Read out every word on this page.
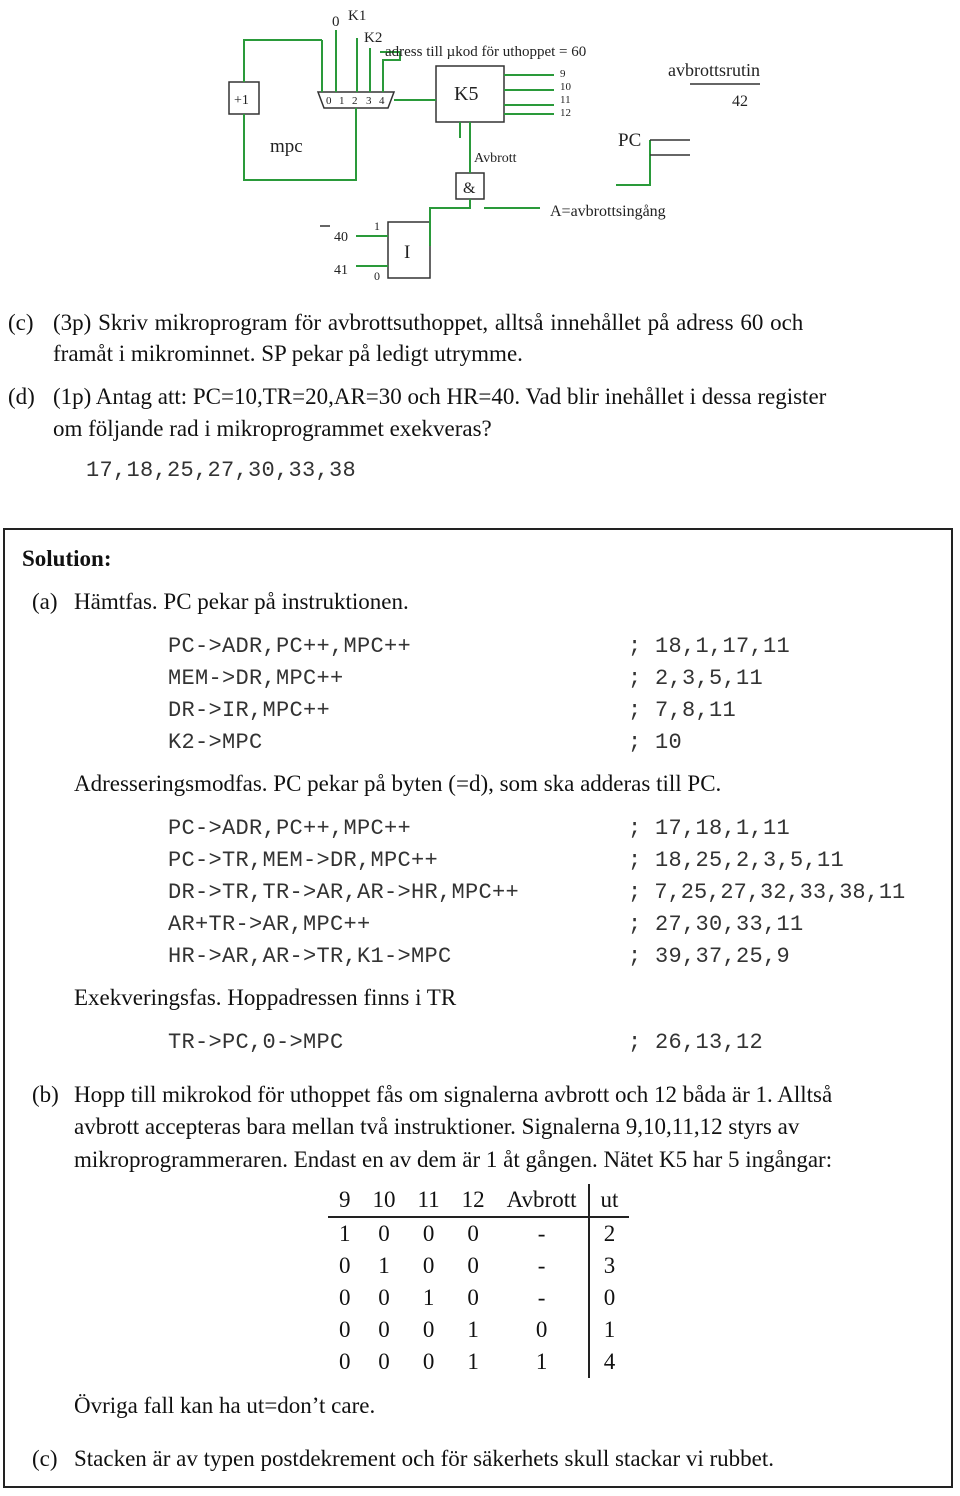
0 K1
K2
adress till µkod för uthoppet = 60
+1	0 1 2 3 4	K5
9
10
11
12
avbrottsrutin
42
mpc	PC
Avbrott
&
A=avbrottsingång
1
40
I
41 0
(c) (3p) Skriv mikroprogram för avbrottsuthoppet, alltså innehållet på adress 60 och
framåt i mikrominnet. SP pekar på ledigt utrymme.
(d) (1p) Antag att: PC=10,TR=20,AR=30 och HR=40. Vad blir inehållet i dessa register
om följande rad i mikroprogrammet exekveras?
17,18,25,27,30,33,38
Solution:
(a) Hämtfas. PC pekar på instruktionen.
PC->ADR,PC++,MPC++	; 18,1,17,11
MEM->DR,MPC++	; 2,3,5,11
DR->IR,MPC++	; 7,8,11
K2->MPC	; 10
Adresseringsmodfas. PC pekar på byten (=d), som ska adderas till PC.
PC->ADR,PC++,MPC++	; 17,18,1,11
PC->TR,MEM->DR,MPC++	; 18,25,2,3,5,11
DR->TR,TR->AR,AR->HR,MPC++	; 7,25,27,32,33,38,11
AR+TR->AR,MPC++	; 27,30,33,11
HR->AR,AR->TR,K1->MPC	; 39,37,25,9
Exekveringsfas. Hoppadressen finns i TR
TR->PC,0->MPC	; 26,13,12
(b) Hopp till mikrokod för uthoppet fås om signalerna avbrott och 12 båda är 1. Alltså
avbrott accepteras bara mellan två instruktioner. Signalerna 9,10,11,12 styrs av
mikroprogrammeraren. Endast en av dem är 1 åt gången. Nätet K5 har 5 ingångar:
9	10	11	12	Avbrott	ut
1	0	0	0	-	2
0	1	0	0	-	3
0	0	1	0	-	0
0	0	0	1	0	1
0	0	0	1	1	4
Övriga fall kan ha ut=don’t care.
(c) Stacken är av typen postdekrement och för säkerhets skull stackar vi rubbet.
